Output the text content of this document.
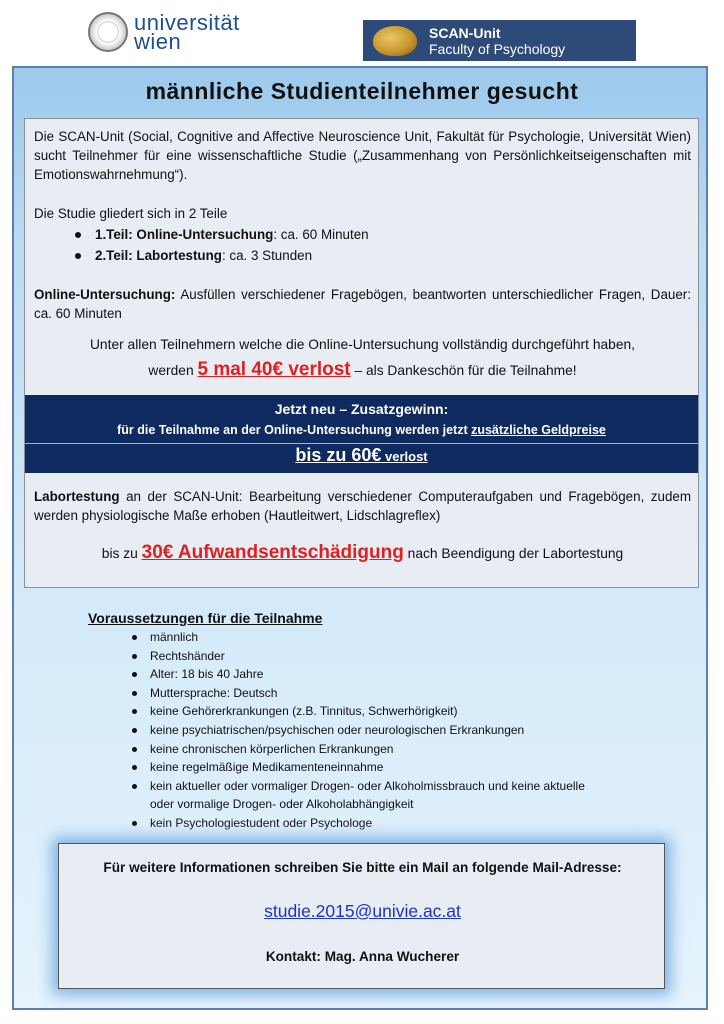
universität
wien	SCAN-Unit
Faculty of Psychology
männliche Studienteilnehmer gesucht
Die SCAN-Unit (Social, Cognitive and Affective Neuroscience Unit, Fakultät für Psychologie, Universität Wien) sucht Teilnehmer für eine wissenschaftliche Studie („Zusammenhang von Persönlichkeitseigenschaften mit Emotionswahrnehmung“).
Die Studie gliedert sich in 2 Teile
1.Teil: Online-Untersuchung: ca. 60 Minuten
2.Teil: Labortestung: ca. 3 Stunden
Online-Untersuchung: Ausfüllen verschiedener Fragebögen, beantworten unterschiedlicher Fragen, Dauer: ca. 60 Minuten
Unter allen Teilnehmern welche die Online-Untersuchung vollständig durchgeführt haben,
werden 5 mal 40€ verlost – als Dankeschön für die Teilnahme!
Jetzt neu – Zusatzgewinn:
für die Teilnahme an der Online-Untersuchung werden jetzt zusätzliche Geldpreise
bis zu 60€ verlost
Labortestung an der SCAN-Unit: Bearbeitung verschiedener Computeraufgaben und Fragebögen, zudem werden physiologische Maße erhoben (Hautleitwert, Lidschlagreflex)
bis zu 30€ Aufwandsentschädigung nach Beendigung der Labortestung
Voraussetzungen für die Teilnahme
männlich
Rechtshänder
Alter: 18 bis 40 Jahre
Muttersprache: Deutsch
keine Gehörerkrankungen (z.B. Tinnitus, Schwerhörigkeit)
keine psychiatrischen/psychischen oder neurologischen Erkrankungen
keine chronischen körperlichen Erkrankungen
keine regelmäßige Medikamenteneinnahme
kein aktueller oder vormaliger Drogen- oder Alkoholmissbrauch und keine aktuelle
oder vormalige Drogen- oder Alkoholabhängigkeit
kein Psychologiestudent oder Psychologe
Für weitere Informationen schreiben Sie bitte ein Mail an folgende Mail-Adresse:
studie.2015@univie.ac.at
Kontakt: Mag. Anna Wucherer
